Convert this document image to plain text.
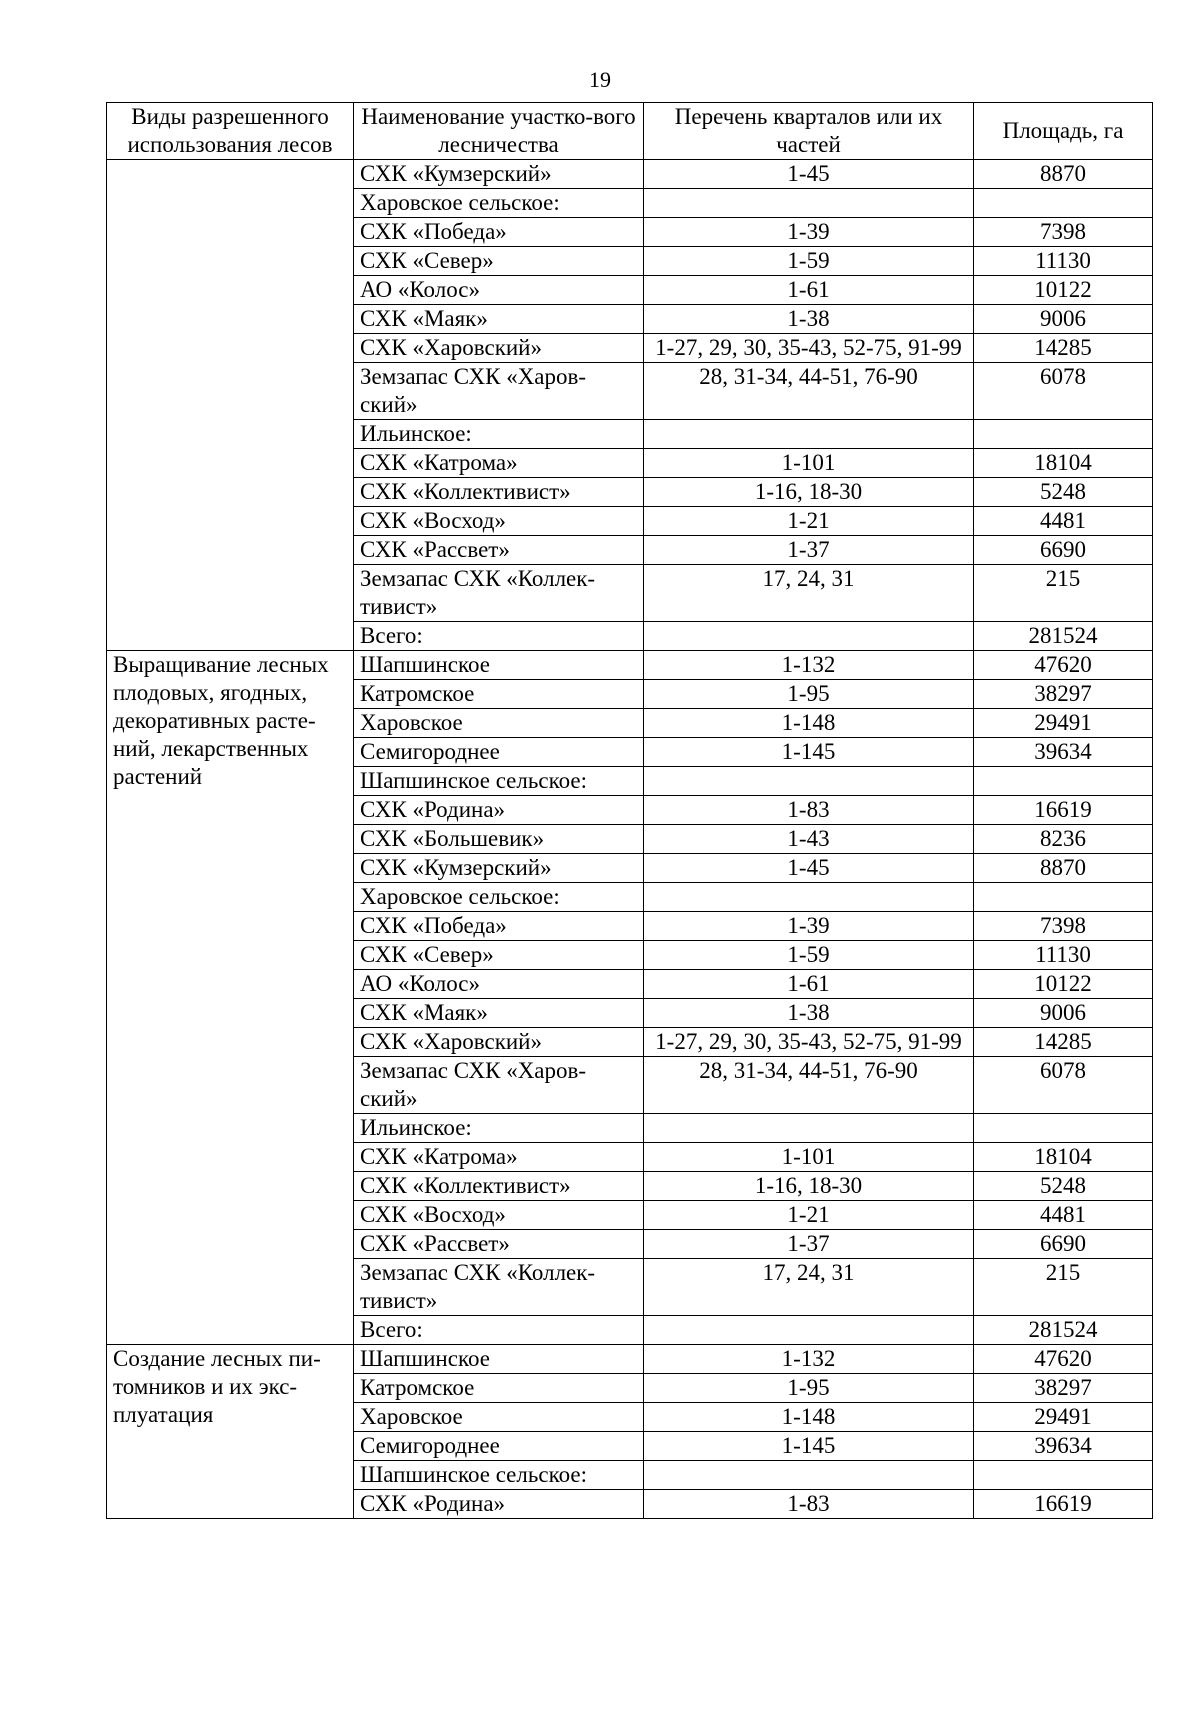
19
Виды разрешенного использования лесов	Наименование участко-вого лесничества	Перечень кварталов или их частей	Площадь, га
	СХК «Кумзерский»	1-45	8870
	Харовское сельское:		
	СХК «Победа»	1-39	7398
	СХК «Север»	1-59	11130
	АО «Колос»	1-61	10122
	СХК «Маяк»	1-38	9006
	СХК «Харовский»	1-27, 29, 30, 35-43, 52-75, 91-99	14285
	Земзапас СХК «Харов-ский»	28, 31-34, 44-51, 76-90	6078
	Ильинское:		
	СХК «Катрома»	1-101	18104
	СХК «Коллективист»	1-16, 18-30	5248
	СХК «Восход»	1-21	4481
	СХК «Рассвет»	1-37	6690
	Земзапас СХК «Коллек-тивист»	17, 24, 31	215
	Всего:		281524
Выращивание лесных плодовых, ягодных, декоративных расте-ний, лекарственных растений	Шапшинское	1-132	47620
	Катромское	1-95	38297
	Харовское	1-148	29491
	Семигороднее	1-145	39634
	Шапшинское сельское:		
	СХК «Родина»	1-83	16619
	СХК «Большевик»	1-43	8236
	СХК «Кумзерский»	1-45	8870
	Харовское сельское:		
	СХК «Победа»	1-39	7398
	СХК «Север»	1-59	11130
	АО «Колос»	1-61	10122
	СХК «Маяк»	1-38	9006
	СХК «Харовский»	1-27, 29, 30, 35-43, 52-75, 91-99	14285
	Земзапас СХК «Харов-ский»	28, 31-34, 44-51, 76-90	6078
	Ильинское:		
	СХК «Катрома»	1-101	18104
	СХК «Коллективист»	1-16, 18-30	5248
	СХК «Восход»	1-21	4481
	СХК «Рассвет»	1-37	6690
	Земзапас СХК «Коллек-тивист»	17, 24, 31	215
	Всего:		281524
Создание лесных пи-томников и их экс-плуатация	Шапшинское	1-132	47620
	Катромское	1-95	38297
	Харовское	1-148	29491
	Семигороднее	1-145	39634
	Шапшинское сельское:		
	СХК «Родина»	1-83	16619
